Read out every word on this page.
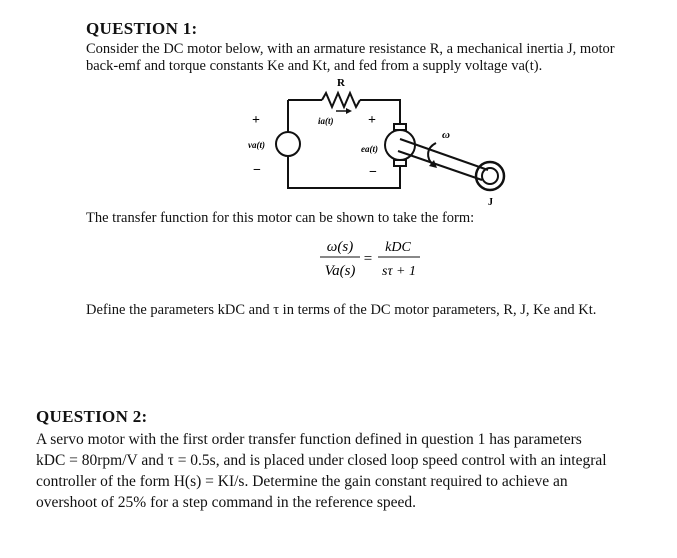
QUESTION 1:
Consider the DC motor below, with an armature resistance R, a mechanical inertia J, motor
back-emf and torque constants Ke and Kt, and fed from a supply voltage va(t).
R
ia(t)
+
va(t)
−
+
ea(t)
−
ω
J
The transfer function for this motor can be shown to take the form:
ω(s)
Va(s)
=
kDC
sτ + 1
Define the parameters kDC and τ in terms of the DC motor parameters, R, J, Ke and Kt.
QUESTION 2:
A servo motor with the first order transfer function defined in question 1 has parameters
kDC = 80rpm/V and τ = 0.5s, and is placed under closed loop speed control with an integral
controller of the form H(s) = KI/s. Determine the gain constant required to achieve an
overshoot of 25% for a step command in the reference speed.
